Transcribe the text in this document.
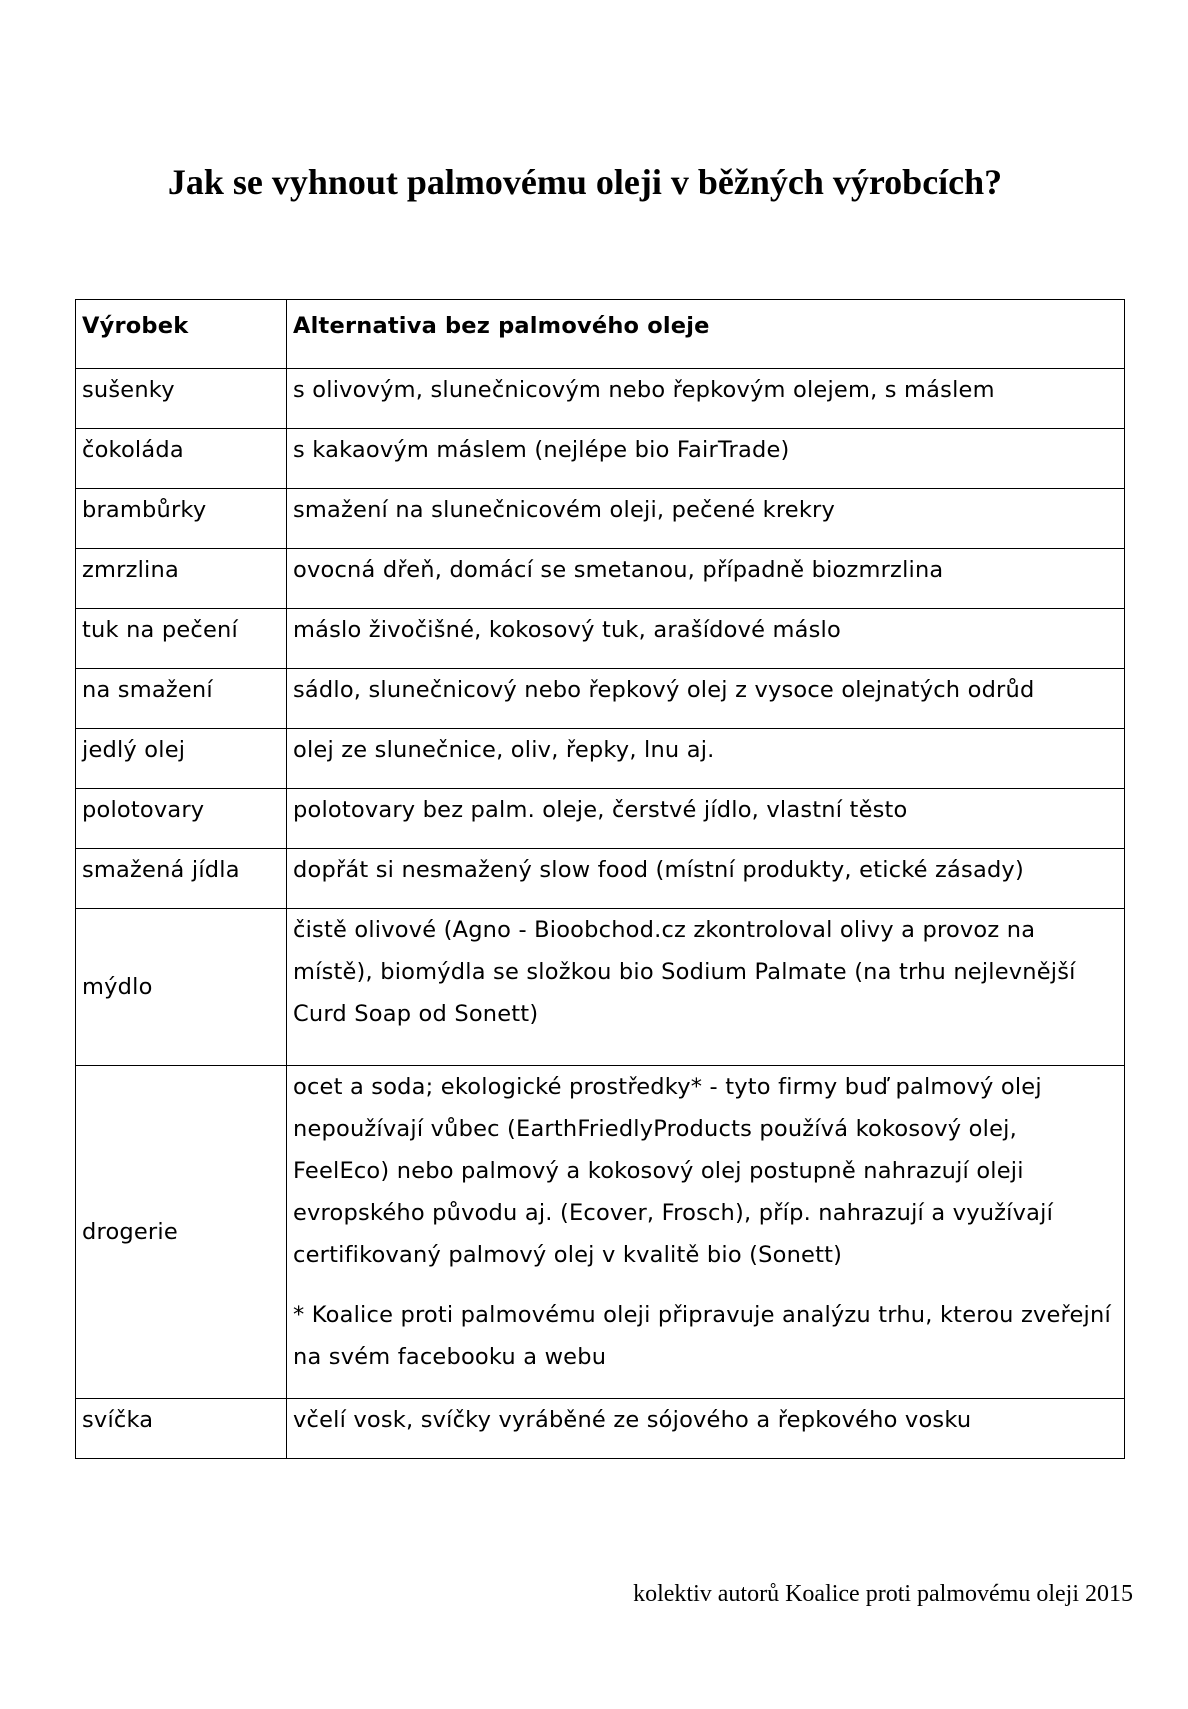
Jak se vyhnout palmovému oleji v běžných výrobcích?
Výrobek	Alternativa bez palmového oleje
sušenky	s olivovým, slunečnicovým nebo řepkovým olejem, s máslem
čokoláda	s kakaovým máslem (nejlépe bio FairTrade)
brambůrky	smažení na slunečnicovém oleji, pečené krekry
zmrzlina	ovocná dřeň, domácí se smetanou, případně biozmrzlina
tuk na pečení	máslo živočišné, kokosový tuk, arašídové máslo
na smažení	sádlo, slunečnicový nebo řepkový olej z vysoce olejnatých odrůd
jedlý olej	olej ze slunečnice, oliv, řepky, lnu aj.
polotovary	polotovary bez palm. oleje, čerstvé jídlo, vlastní těsto
smažená jídla	dopřát si nesmažený slow food (místní produkty, etické zásady)
mýdlo	čistě olivové (Agno - Bioobchod.cz zkontroloval olivy a provoz na místě), biomýdla se složkou bio Sodium Palmate (na trhu nejlevnější Curd Soap od Sonett)
drogerie	ocet a soda; ekologické prostředky* - tyto firmy buď palmový olej nepoužívají vůbec (EarthFriedlyProducts používá kokosový olej, FeelEco) nebo palmový a kokosový olej postupně nahrazují oleji evropského původu aj. (Ecover, Frosch), příp. nahrazují a využívají certifikovaný palmový olej v kvalitě bio (Sonett)
* Koalice proti palmovému oleji připravuje analýzu trhu, kterou zveřejní na svém facebooku a webu

svíčka	včelí vosk, svíčky vyráběné ze sójového a řepkového vosku
kolektiv autorů Koalice proti palmovému oleji 2015
